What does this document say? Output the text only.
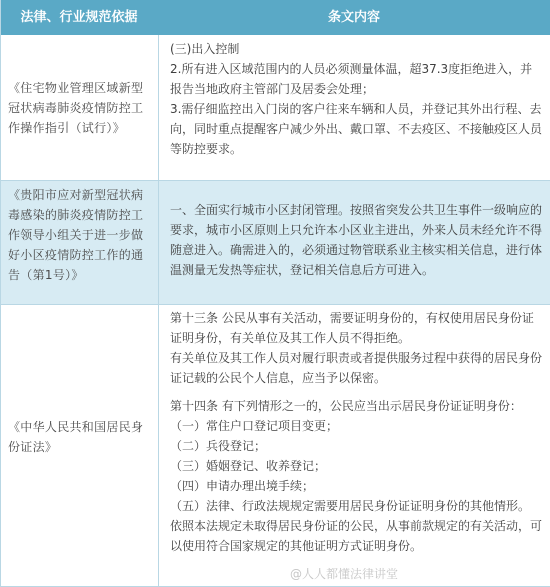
法律、行业规范依据	条文内容
《住宅物业管理区域新型冠状病毒肺炎疫情防控工作操作指引（试行）》

(三)出入控制

2.所有进入区域范围内的人员必须测量体温，超37.3度拒绝进入，并报告当地政府主管部门及居委会处理；

3.需仔细监控出入门岗的客户往来车辆和人员，并登记其外出行程、去向，同时重点提醒客户减少外出、戴口罩、不去疫区、不接触疫区人员等防控要求。

《贵阳市应对新型冠状病毒感染的肺炎疫情防控工作领导小组关于进一步做好小区疫情防控工作的通告（第1号）》

一、全面实行城市小区封闭管理。按照省突发公共卫生事件一级响应的要求，城市小区原则上只允许本小区业主进出，外来人员未经允许不得随意进入。确需进入的，必须通过物管联系业主核实相关信息，进行体温测量无发热等症状，登记相关信息后方可进入。

《中华人民共和国居民身份证法》

第十三条 公民从事有关活动，需要证明身份的，有权使用居民身份证证明身份，有关单位及其工作人员不得拒绝。

有关单位及其工作人员对履行职责或者提供服务过程中获得的居民身份证记载的公民个人信息，应当予以保密。

第十四条 有下列情形之一的，公民应当出示居民身份证证明身份：

（一）常住户口登记项目变更；

（二）兵役登记；

（三）婚姻登记、收养登记；

（四）申请办理出境手续；

（五）法律、行政法规规定需要用居民身份证证明身份的其他情形。

依照本法规定未取得居民身份证的公民，从事前款规定的有关活动，可以使用符合国家规定的其他证明方式证明身份。

@人人都懂法律讲堂
